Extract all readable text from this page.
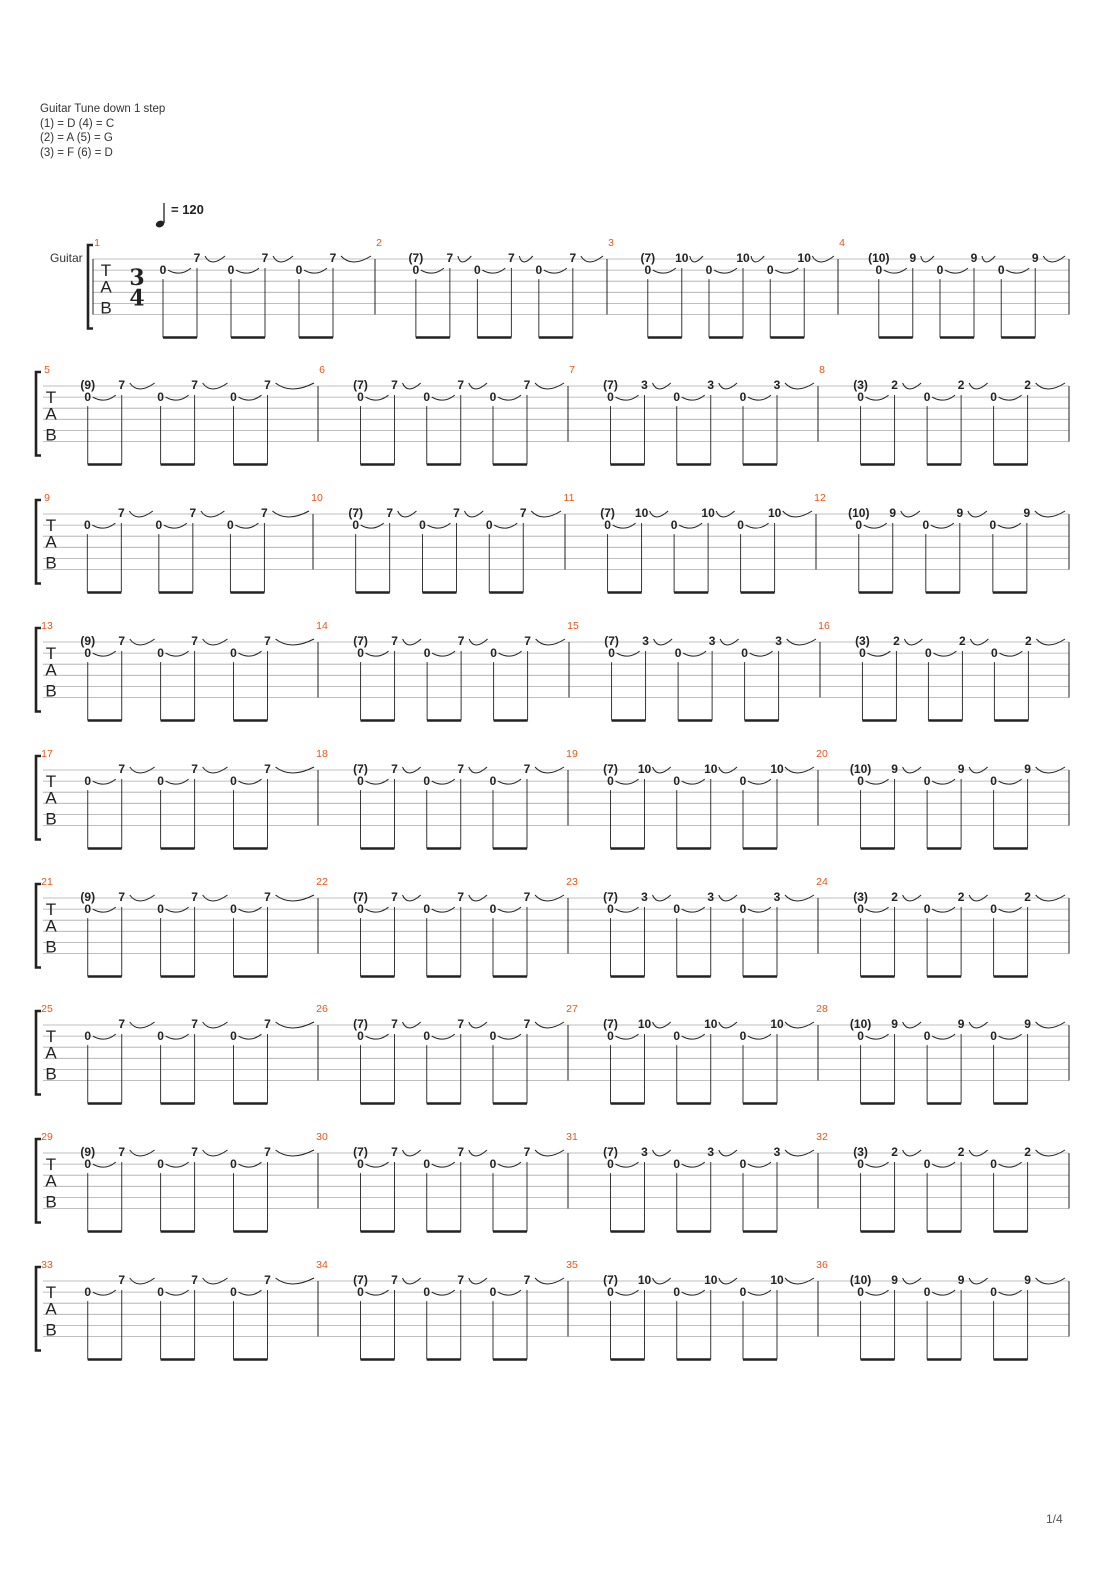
Guitar Tune down 1 step
(1) = D (4) = C
(2) = A (5) = G
(3) = F (6) = D
= 120
Guitar
T
A
B
3
4
1
0
7
0
7
0
7
2
(7)
0
7
0
7
0
7
3
(7)
0
10
0
10
0
10
4
(10)
0
9
0
9
0
9
T
A
B
5
(9)
0
7
0
7
0
7
6
(7)
0
7
0
7
0
7
7
(7)
0
3
0
3
0
3
8
(3)
0
2
0
2
0
2
T
A
B
9
0
7
0
7
0
7
10
(7)
0
7
0
7
0
7
11
(7)
0
10
0
10
0
10
12
(10)
0
9
0
9
0
9
T
A
B
13
(9)
0
7
0
7
0
7
14
(7)
0
7
0
7
0
7
15
(7)
0
3
0
3
0
3
16
(3)
0
2
0
2
0
2
T
A
B
17
0
7
0
7
0
7
18
(7)
0
7
0
7
0
7
19
(7)
0
10
0
10
0
10
20
(10)
0
9
0
9
0
9
T
A
B
21
(9)
0
7
0
7
0
7
22
(7)
0
7
0
7
0
7
23
(7)
0
3
0
3
0
3
24
(3)
0
2
0
2
0
2
T
A
B
25
0
7
0
7
0
7
26
(7)
0
7
0
7
0
7
27
(7)
0
10
0
10
0
10
28
(10)
0
9
0
9
0
9
T
A
B
29
(9)
0
7
0
7
0
7
30
(7)
0
7
0
7
0
7
31
(7)
0
3
0
3
0
3
32
(3)
0
2
0
2
0
2
T
A
B
33
0
7
0
7
0
7
34
(7)
0
7
0
7
0
7
35
(7)
0
10
0
10
0
10
36
(10)
0
9
0
9
0
9
1/4
